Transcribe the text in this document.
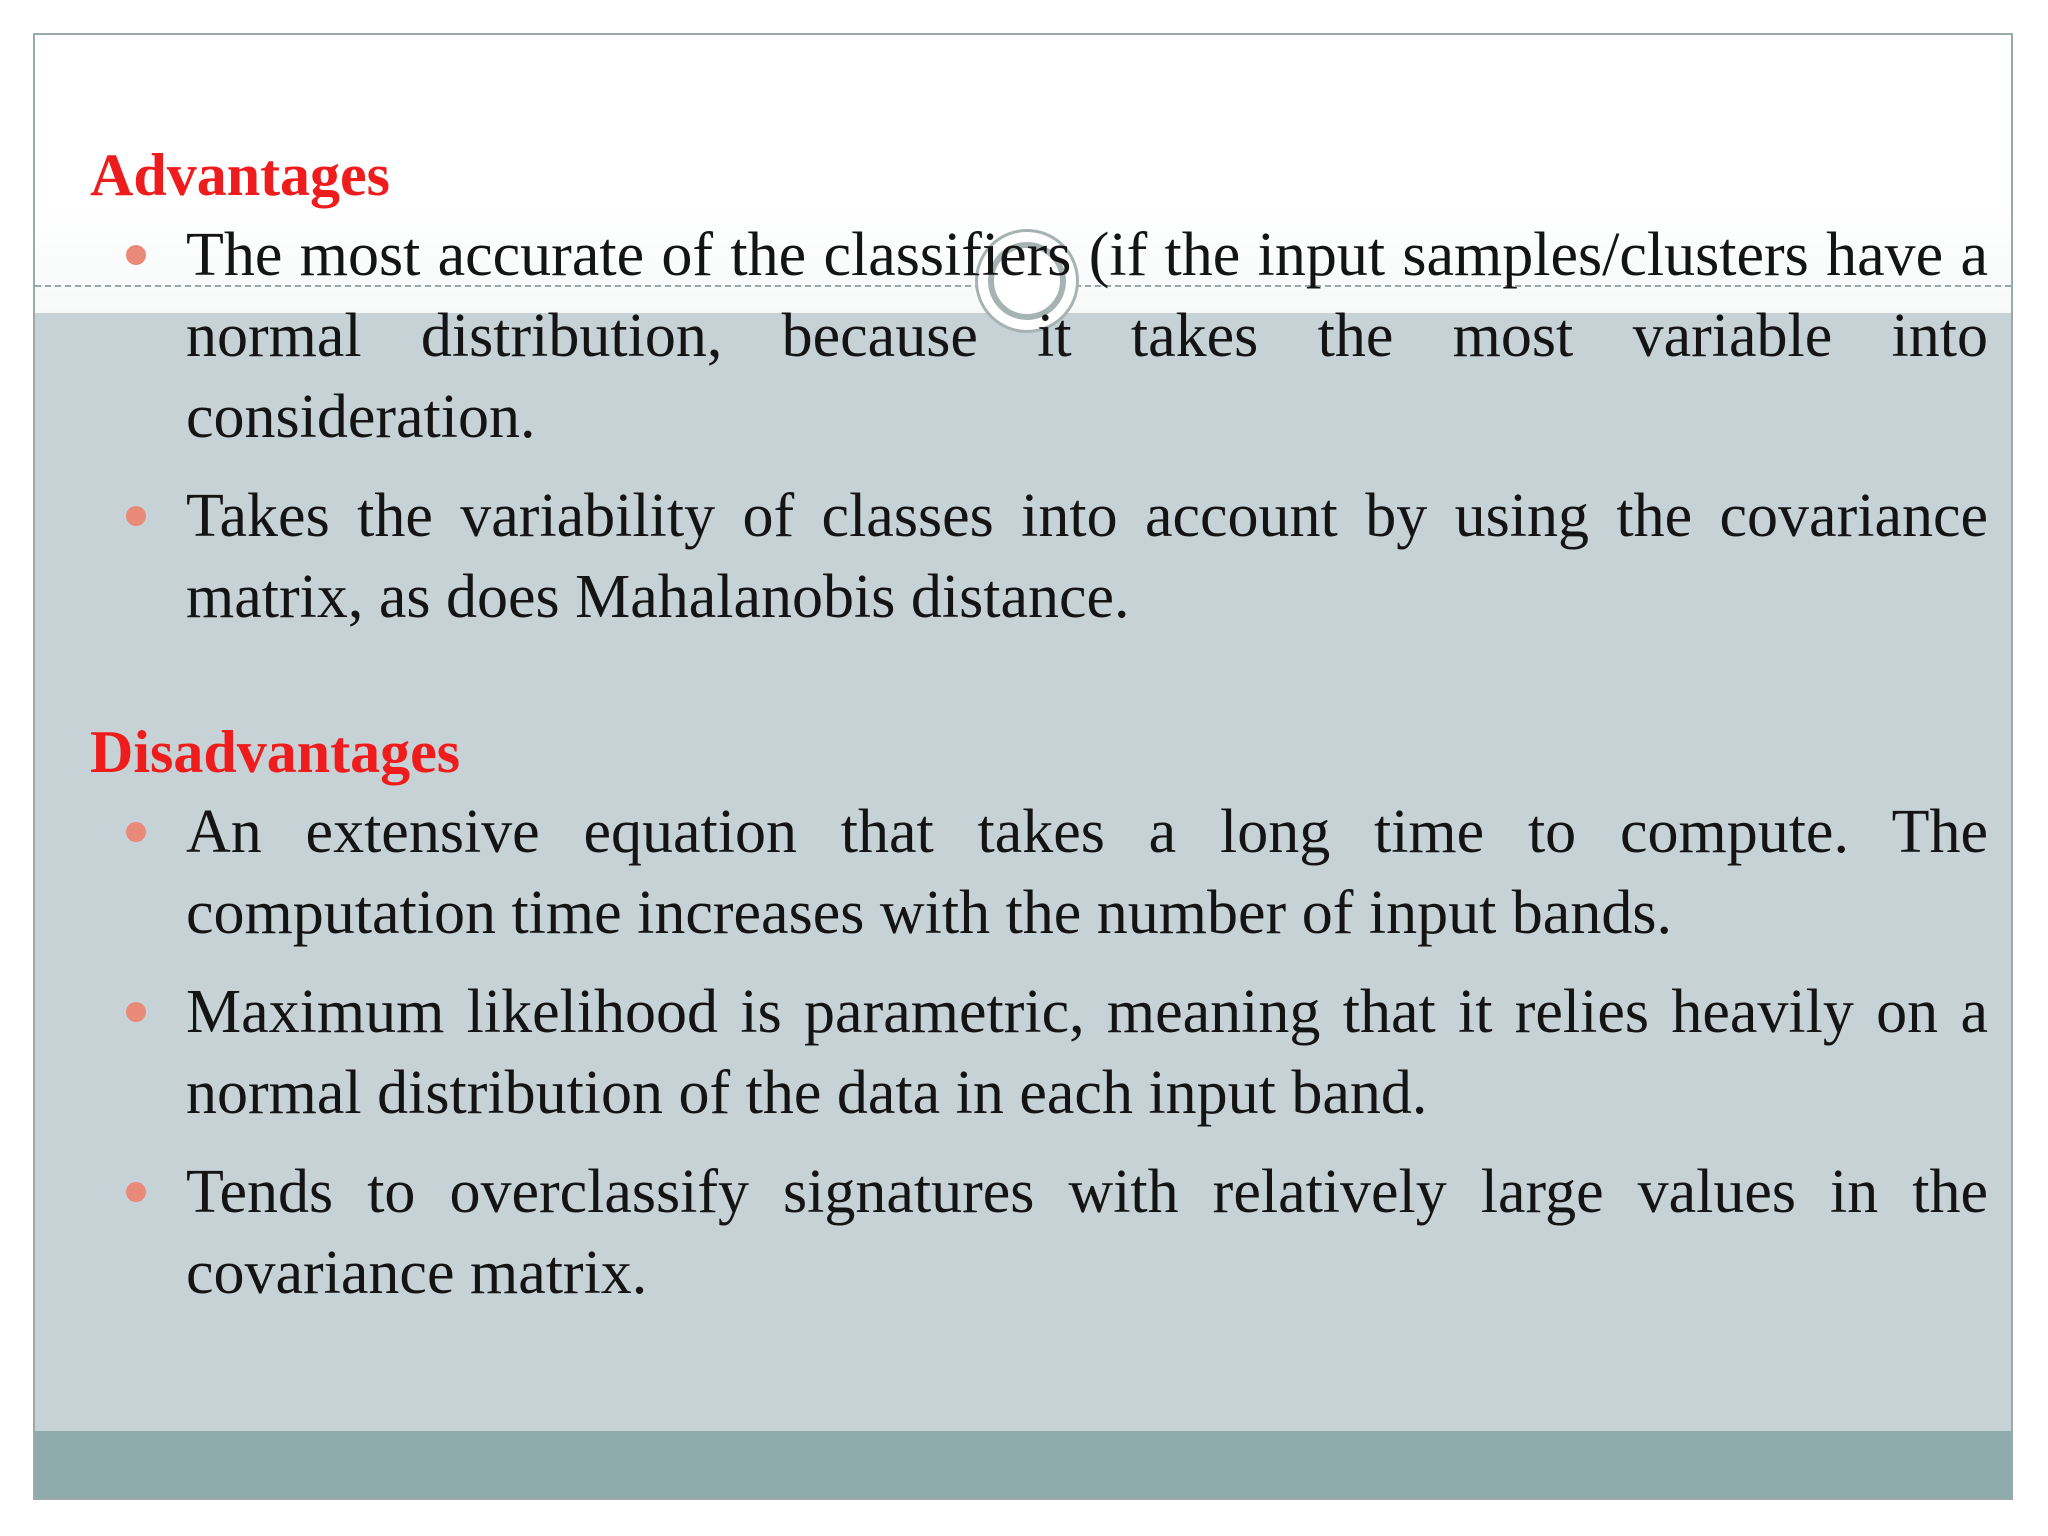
Advantages
The most accurate of the classifiers (if the input samples/clusters have a normal distribution, because it takes the most variable into consideration.
Takes the variability of classes into account by using the covariance matrix, as does Mahalanobis distance.
Disadvantages
An extensive equation that takes a long time to compute. The computation time increases with the number of input bands.
Maximum likelihood is parametric, meaning that it relies heavily on a normal distribution of the data in each input band.
Tends to overclassify signatures with relatively large values in the covariance matrix.
